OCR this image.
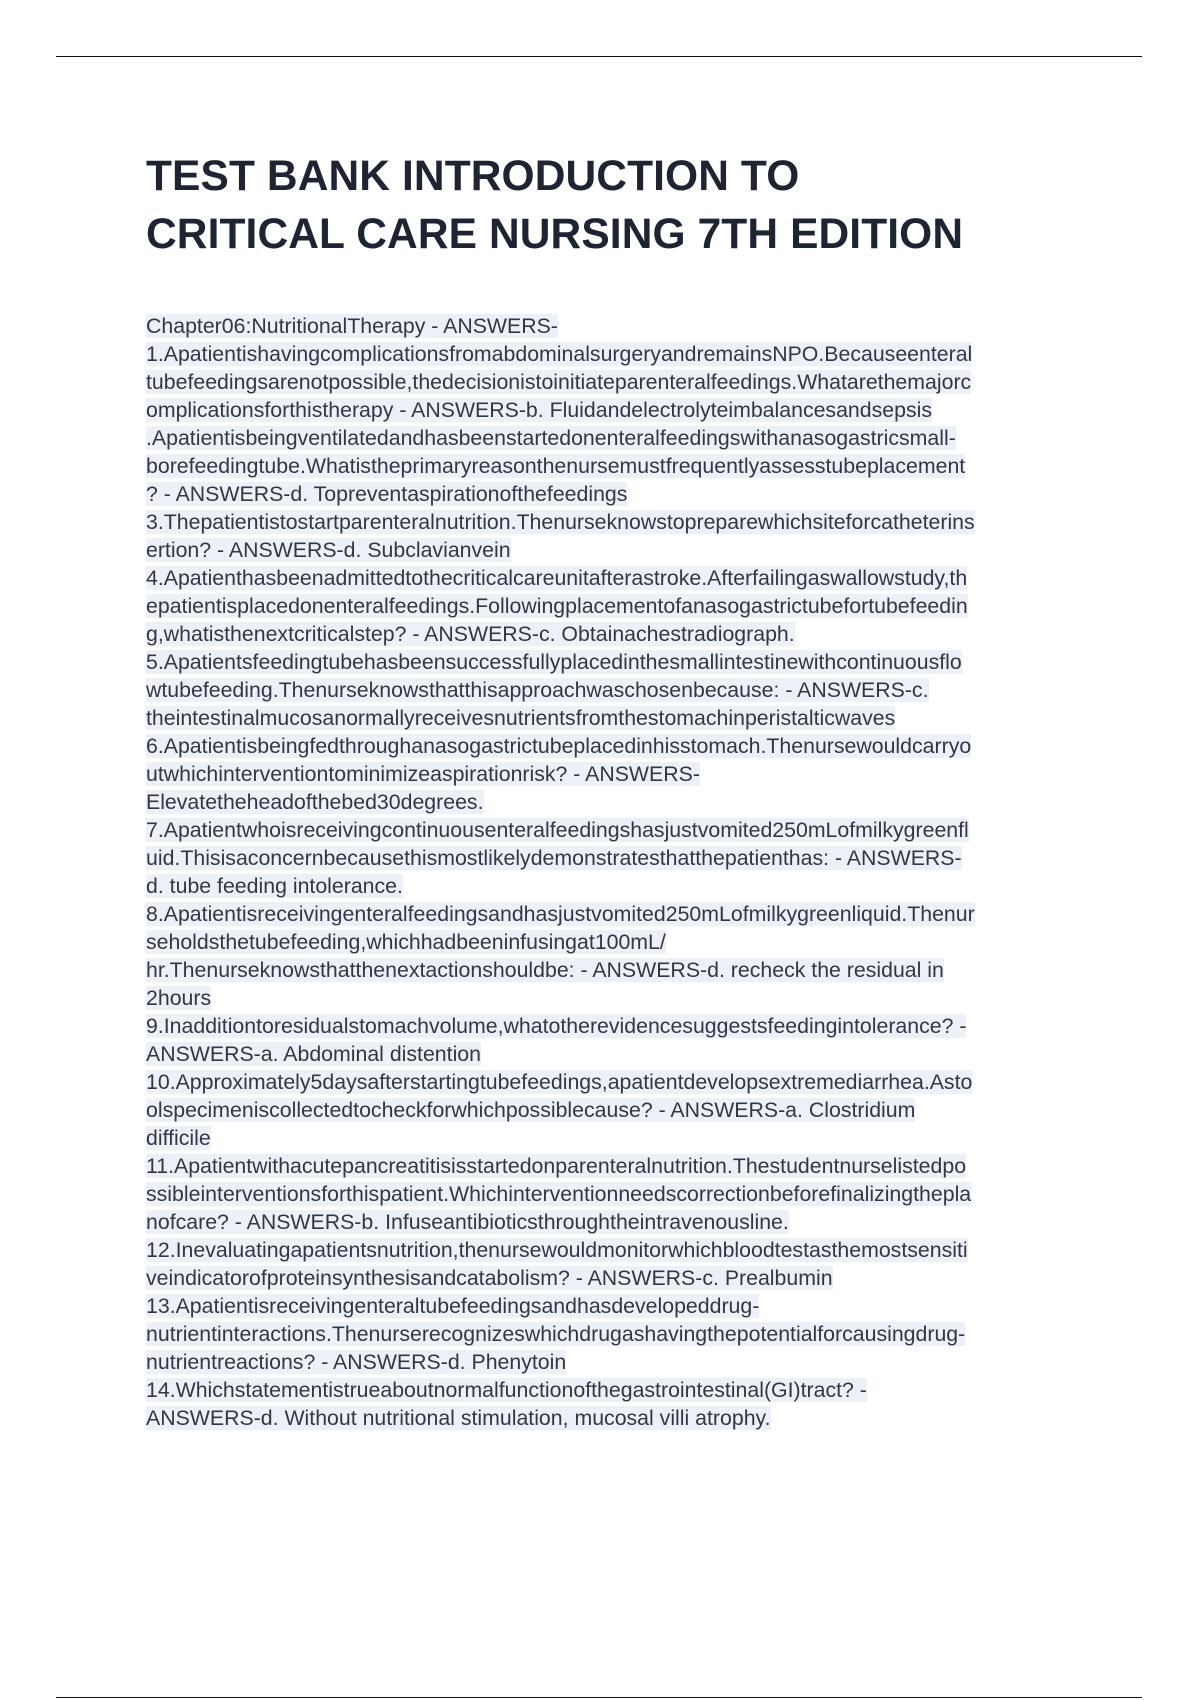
TEST BANK INTRODUCTION TO
CRITICAL CARE NURSING 7TH EDITION
Chapter06:NutritionalTherapy - ANSWERS-
1.ApatientishavingcomplicationsfromabdominalsurgeryandremainsNPO.Becauseenteral
tubefeedingsarenotpossible,thedecisionistoinitiateparenteralfeedings.Whatarethemajorc
omplicationsforthistherapy - ANSWERS-b. Fluidandelectrolyteimbalancesandsepsis
.Apatientisbeingventilatedandhasbeenstartedonenteralfeedingswithanasogastricsmall-
borefeedingtube.Whatistheprimaryreasonthenursemustfrequentlyassesstubeplacement
? - ANSWERS-d. Topreventaspirationofthefeedings
3.Thepatientistostartparenteralnutrition.Thenurseknowstopreparewhichsiteforcatheterins
ertion? - ANSWERS-d. Subclavianvein
4.Apatienthasbeenadmittedtothecriticalcareunitafterastroke.Afterfailingaswallowstudy,th
epatientisplacedonenteralfeedings.Followingplacementofanasogastrictubefortubefeedin
g,whatisthenextcriticalstep? - ANSWERS-c. Obtainachestradiograph.
5.Apatientsfeedingtubehasbeensuccessfullyplacedinthesmallintestinewithcontinuousflo
wtubefeeding.Thenurseknowsthatthisapproachwaschosenbecause: - ANSWERS-c.
theintestinalmucosanormallyreceivesnutrientsfromthestomachinperistalticwaves
6.Apatientisbeingfedthroughanasogastrictubeplacedinhisstomach.Thenursewouldcarryo
utwhichinterventiontominimizeaspirationrisk? - ANSWERS-
Elevatetheheadofthebed30degrees.
7.Apatientwhoisreceivingcontinuousenteralfeedingshasjustvomited250mLofmilkygreenfl
uid.Thisisaconcernbecausethismostlikelydemonstratesthatthepatienthas: - ANSWERS-
d. tube feeding intolerance.
8.Apatientisreceivingenteralfeedingsandhasjustvomited250mLofmilkygreenliquid.Thenur
seholdsthetubefeeding,whichhadbeeninfusingat100mL/
hr.Thenurseknowsthatthenextactionshouldbe: - ANSWERS-d. recheck the residual in
2hours
9.Inadditiontoresidualstomachvolume,whatotherevidencesuggestsfeedingintolerance? -
ANSWERS-a. Abdominal distention
10.Approximately5daysafterstartingtubefeedings,apatientdevelopsextremediarrhea.Asto
olspecimeniscollectedtocheckforwhichpossiblecause? - ANSWERS-a. Clostridium
difficile
11.Apatientwithacutepancreatitisisstartedonparenteralnutrition.Thestudentnurselistedpo
ssibleinterventionsforthispatient.Whichinterventionneedscorrectionbeforefinalizingthepla
nofcare? - ANSWERS-b. Infuseantibioticsthroughtheintravenousline.
12.Inevaluatingapatientsnutrition,thenursewouldmonitorwhichbloodtestasthemostsensiti
veindicatorofproteinsynthesisandcatabolism? - ANSWERS-c. Prealbumin
13.Apatientisreceivingenteraltubefeedingsandhasdevelopeddrug-
nutrientinteractions.Thenurserecognizeswhichdrugashavingthepotentialforcausingdrug-
nutrientreactions? - ANSWERS-d. Phenytoin
14.Whichstatementistrueaboutnormalfunctionofthegastrointestinal(GI)tract? -
ANSWERS-d. Without nutritional stimulation, mucosal villi atrophy.
